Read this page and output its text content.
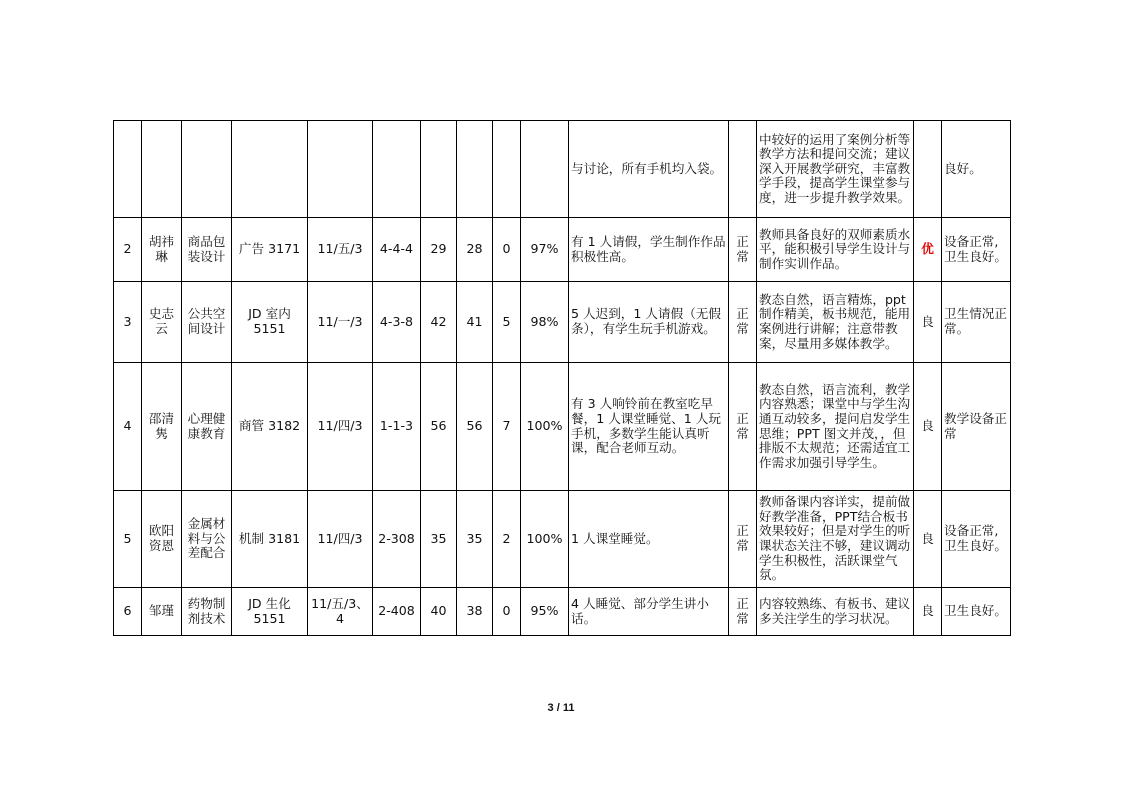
										与讨论，所有手机均入袋。		中较好的运用了案例分析等教学方法和提问交流；建议深入开展教学研究，丰富教学手段，提高学生课堂参与度，进一步提升教学效果。		良好。
2	胡祎琳	商品包装设计	广告 3171	11/五/3	4-4-4	29	28	0	97%	有 1 人请假，学生制作作品积极性高。	正常	教师具备良好的双师素质水平，能积极引导学生设计与制作实训作品。	优	设备正常,卫生良好。
3	史志云	公共空间设计	JD 室内 5151	11/一/3	4-3-8	42	41	5	98%	5 人迟到，1 人请假（无假条），有学生玩手机游戏。	正常	教态自然，语言精炼，ppt 制作精美，板书规范，能用案例进行讲解；注意带教案，尽量用多媒体教学。	良	卫生情况正常。
4	邵清隽	心理健康教育	商管 3182	11/四/3	1-1-3	56	56	7	100%	有 3 人响铃前在教室吃早餐，1 人课堂睡觉、1 人玩手机，多数学生能认真听课，配合老师互动。	正常	教态自然，语言流利，教学内容熟悉；课堂中与学生沟通互动较多，提问启发学生思维；PPT 图文并茂，，但排版不太规范；还需适宜工作需求加强引导学生。	良	教学设备正常
5	欧阳资恩	金属材料与公差配合	机制 3181	11/四/3	2-308	35	35	2	100%	1 人课堂睡觉。	正常	教师备课内容详实，提前做好教学准备，PPT结合板书效果较好；但是对学生的听课状态关注不够，建议调动学生积极性，活跃课堂气氛。	良	设备正常,卫生良好。
6	邹瑾	药物制剂技术	JD 生化 5151	11/五/3、4	2-408	40	38	0	95%	4 人睡觉、部分学生讲小话。	正常	内容较熟练、有板书、建议多关注学生的学习状况。	良	卫生良好。
3 / 11
